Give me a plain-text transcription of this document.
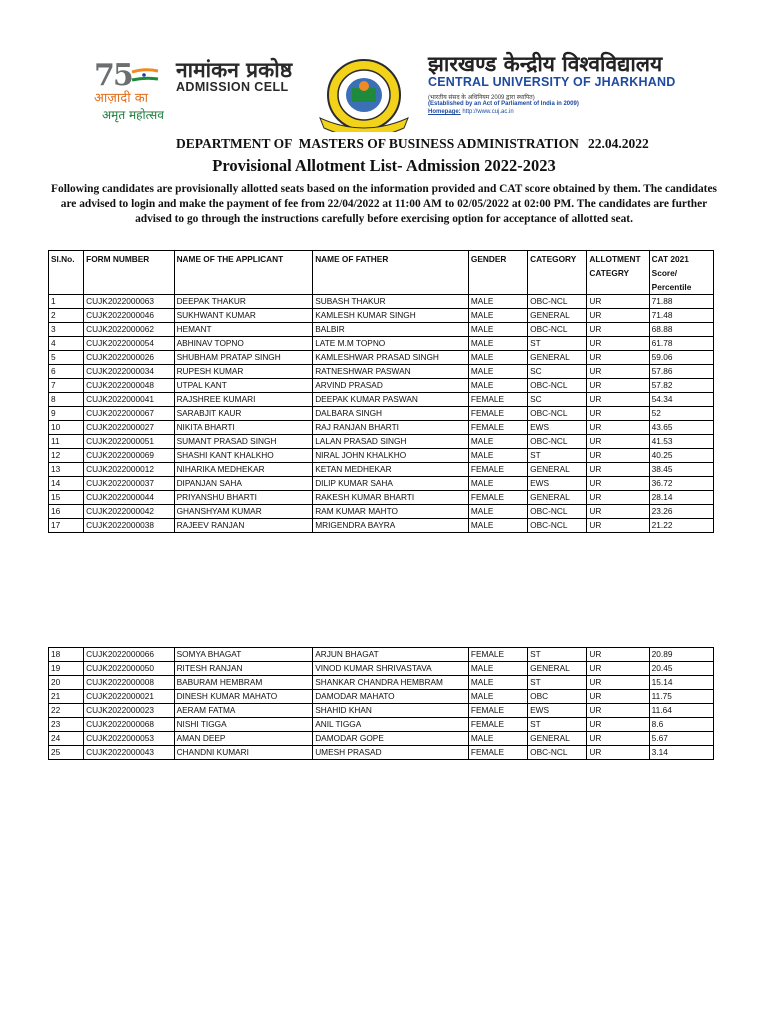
75
आज़ादी का
अमृत महोत्सव
नामांकन प्रकोष्ठ
ADMISSION CELL
झारखण्ड केन्द्रीय विश्वविद्यालय
CENTRAL UNIVERSITY OF JHARKHAND
(भारतीय संसद के अधिनियम 2009 द्वारा स्थापित)
(Established by an Act of Parliament of India in 2009)
Homepage: http://www.cuj.ac.in
DEPARTMENT OF  MASTERS OF BUSINESS ADMINISTRATION 22.04.2022
Provisional Allotment List- Admission 2022-2023
Following candidates are provisionally allotted seats based on the information provided and CAT score obtained by them. The candidates are advised to login and make the payment of fee from 22/04/2022 at 11:00 AM to 02/05/2022 at 02:00 PM. The candidates are further advised to go through the instructions carefully before exercising option for acceptance of allotted seat.
Sl.No.	FORM NUMBER	NAME OF THE APPLICANT	NAME OF FATHER	GENDER	CATEGORY	ALLOTMENT CATEGRY	CAT 2021 Score/ Percentile
1	CUJK2022000063	DEEPAK THAKUR	SUBASH THAKUR	MALE	OBC-NCL	UR	71.88
2	CUJK2022000046	SUKHWANT KUMAR	KAMLESH KUMAR SINGH	MALE	GENERAL	UR	71.48
3	CUJK2022000062	HEMANT	BALBIR	MALE	OBC-NCL	UR	68.88
4	CUJK2022000054	ABHINAV TOPNO	LATE M.M TOPNO	MALE	ST	UR	61.78
5	CUJK2022000026	SHUBHAM PRATAP SINGH	KAMLESHWAR PRASAD SINGH	MALE	GENERAL	UR	59.06
6	CUJK2022000034	RUPESH KUMAR	RATNESHWAR PASWAN	MALE	SC	UR	57.86
7	CUJK2022000048	UTPAL KANT	ARVIND PRASAD	MALE	OBC-NCL	UR	57.82
8	CUJK2022000041	RAJSHREE KUMARI	DEEPAK KUMAR PASWAN	FEMALE	SC	UR	54.34
9	CUJK2022000067	SARABJIT KAUR	DALBARA SINGH	FEMALE	OBC-NCL	UR	52
10	CUJK2022000027	NIKITA BHARTI	RAJ RANJAN BHARTI	FEMALE	EWS	UR	43.65
11	CUJK2022000051	SUMANT PRASAD SINGH	LALAN PRASAD SINGH	MALE	OBC-NCL	UR	41.53
12	CUJK2022000069	SHASHI KANT KHALKHO	NIRAL JOHN KHALKHO	MALE	ST	UR	40.25
13	CUJK2022000012	NIHARIKA MEDHEKAR	KETAN MEDHEKAR	FEMALE	GENERAL	UR	38.45
14	CUJK2022000037	DIPANJAN SAHA	DILIP KUMAR SAHA	MALE	EWS	UR	36.72
15	CUJK2022000044	PRIYANSHU BHARTI	RAKESH KUMAR BHARTI	FEMALE	GENERAL	UR	28.14
16	CUJK2022000042	GHANSHYAM KUMAR	RAM KUMAR MAHTO	MALE	OBC-NCL	UR	23.26
17	CUJK2022000038	RAJEEV RANJAN	MRIGENDRA BAYRA	MALE	OBC-NCL	UR	21.22
18	CUJK2022000066	SOMYA BHAGAT	ARJUN BHAGAT	FEMALE	ST	UR	20.89
19	CUJK2022000050	RITESH RANJAN	VINOD KUMAR SHRIVASTAVA	MALE	GENERAL	UR	20.45
20	CUJK2022000008	BABURAM HEMBRAM	SHANKAR CHANDRA HEMBRAM	MALE	ST	UR	15.14
21	CUJK2022000021	DINESH KUMAR MAHATO	DAMODAR MAHATO	MALE	OBC	UR	11.75
22	CUJK2022000023	AERAM FATMA	SHAHID KHAN	FEMALE	EWS	UR	11.64
23	CUJK2022000068	NISHI TIGGA	ANIL TIGGA	FEMALE	ST	UR	8.6
24	CUJK2022000053	AMAN DEEP	DAMODAR GOPE	MALE	GENERAL	UR	5.67
25	CUJK2022000043	CHANDNI KUMARI	UMESH PRASAD	FEMALE	OBC-NCL	UR	3.14
